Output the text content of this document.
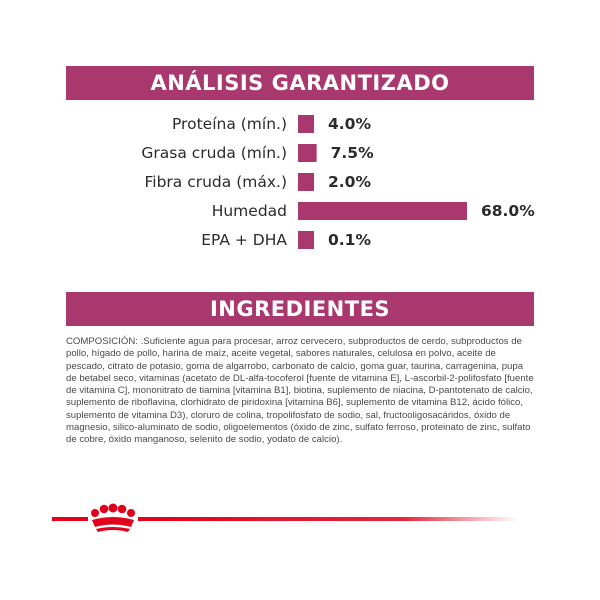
ANÁLISIS GARANTIZADO
Proteína (mín.)	4.0%
Grasa cruda (mín.)	7.5%
Fibra cruda (máx.)	2.0%
Humedad	68.0%
EPA + DHA	0.1%
INGREDIENTES

COMPOSICIÓN: .Suficiente agua para procesar, arroz cervecero, subproductos de cerdo, subproductos de pollo, hígado de pollo, harina de maíz, aceite vegetal, sabores naturales, celulosa en polvo, aceite de pescado, citrato de potasio, goma de algarrobo, carbonato de calcio, goma guar, taurina, carragenina, pupa de betabel seco, vitaminas (acetato de DL-alfa-tocoferol [fuente de vitamina E], L-ascorbil-2-polifosfato [fuente de vitamina C], mononitrato de tiamina [vitamina B1], biotina, suplemento de niacina, D-pantotenato de calcio, suplemento de riboflavina, clorhidrato de piridoxina [vitamina B6], suplemento de vitamina B12, ácido fólico, suplemento de vitamina D3), cloruro de colina, tropolifosfato de sodio, sal, fructooligosacáridos, óxido de magnesio, silico-aluminato de sodio, oligoelementos (óxido de zinc, sulfato ferroso, proteinato de zinc, sulfato de cobre, óxido manganoso, selenito de sodio, yodato de calcio).
